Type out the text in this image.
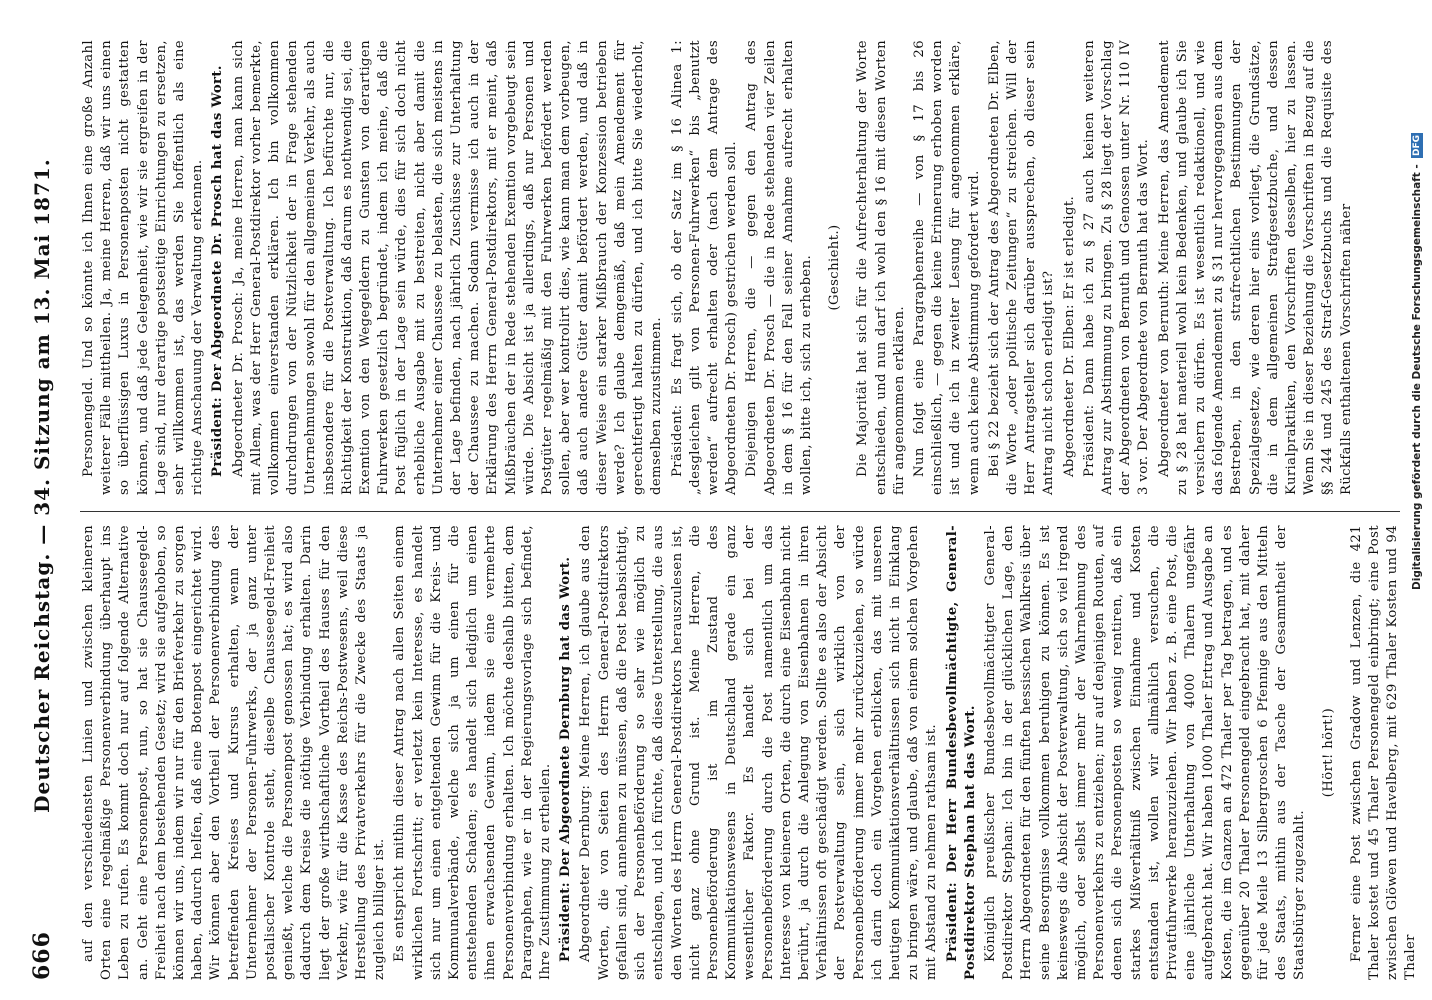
666
Deutscher Reichstag. — 34. Sitzung am 13. Mai 1871. auf den verschiedensten Linien und zwischen kleineren Orten eine regelmäßige Personenverbindung überhaupt ins Leben zu rufen. Es kommt doch nur auf folgende Alternative an. Geht eine Personenpost, nun, so hat sie Chausseegeld-Freiheit nach dem bestehenden Gesetz; wird sie aufgehoben, so können wir uns, indem wir nur für den Briefverkehr zu sorgen haben, dadurch helfen, daß eine Botenpost eingerichtet wird. Wir können aber den Vortheil der Personenverbindung des betreffenden Kreises und Kursus erhalten, wenn der Unternehmer der Personen-Fuhrwerks, der ja ganz unter postalischer Kontrole steht, dieselbe Chausseegeld-Freiheit genießt, welche die Personenpost genossen hat; es wird also dadurch dem Kreise die nöthige Verbindung erhalten. Darin liegt der große wirthschaftliche Vortheil des Hauses für den Verkehr, wie für die Kasse des Reichs-Postwesens, weil diese Herstellung des Privatverkehrs für die Zwecke des Staats ja zugleich billiger ist. Es entspricht mithin dieser Antrag nach allen Seiten einem wirklichen Fortschritt; er verletzt kein Interesse, es handelt sich nur um einen entgeltenden Gewinn für die Kreis- und Kommunalverbände, welche sich ja um einen für die entstehenden Schaden; es handelt sich lediglich um einen ihnen erwachsenden Gewinn, indem sie eine vermehrte Personenverbindung erhalten. Ich möchte deshalb bitten, dem Paragraphen, wie er in der Regierungsvorlage sich befindet, Ihre Zustimmung zu ertheilen. Präsident: Der Abgeordnete Dernburg hat das Wort. Abgeordneter Dernburg: Meine Herren, ich glaube aus den Worten, die von Seiten des Herrn General-Postdirektors gefallen sind, annehmen zu müssen, daß die Post beabsichtigt, sich der Personenbeförderung so sehr wie möglich zu entschlagen, und ich fürchte, daß diese Unterstellung, die aus den Worten des Herrn General-Postdirektors herauszulesen ist, nicht ganz ohne Grund ist. Meine Herren, die Personenbeförderung ist im Zustand des Kommunikationswesens in Deutschland gerade ein ganz wesentlicher Faktor. Es handelt sich bei der Personenbeförderung durch die Post namentlich um das Interesse von kleineren Orten, die durch eine Eisenbahn nicht berührt, ja durch die Anlegung von Eisenbahnen in ihren Verhältnissen oft geschädigt werden. Sollte es also der Absicht der Postverwaltung sein, sich wirklich von der Personenbeförderung immer mehr zurückzuziehen, so würde ich darin doch ein Vorgehen erblicken, das mit unseren heutigen Kommunikationsverhältnissen sich nicht in Einklang zu bringen wäre, und glaube, daß von einem solchen Vorgehen mit Abstand zu nehmen rathsam ist. Präsident: Der Herr Bundesbevollmächtigte, General-Postdirektor Stephan hat das Wort. Königlich preußischer Bundesbevollmächtigter General-Postdirektor Stephan: Ich bin in der glücklichen Lage, den Herrn Abgeordneten für den fünften hessischen Wahlkreis über seine Besorgnisse vollkommen beruhigen zu können. Es ist keineswegs die Absicht der Postverwaltung, sich so viel irgend möglich, oder selbst immer mehr der Wahrnehmung des Personenverkehrs zu entziehen; nur auf denjenigen Routen, auf denen sich die Personenposten so wenig rentiren, daß ein starkes Mißverhältniß zwischen Einnahme und Kosten entstanden ist, wollen wir allmählich versuchen, die Privatfuhrwerke heranzuziehen. Wir haben z. B. eine Post, die eine jährliche Unterhaltung von 4000 Thalern ungefähr aufgebracht hat. Wir haben 1000 Thaler Ertrag und Ausgabe an Kosten, die im Ganzen an 472 Thaler per Tag betragen, und es gegenüber 20 Thaler Personengeld eingebracht hat, mit daher für jede Meile 13 Silbergroschen 6 Pfennige aus den Mitteln des Staats, mithin aus der Tasche der Gesammtheit der Staatsbürger zugezahlt.

(Hört! hört!) Ferner eine Post zwischen Gradow und Lenzen, die 421 Thaler kostet und 45 Thaler Personengeld einbringt; eine Post zwischen Glöwen und Havelberg, mit 629 Thaler Kosten und 94 Thaler

Personengeld. Und so könnte ich Ihnen eine große Anzahl weiterer Fälle mittheilen. Ja, meine Herren, daß wir uns einen so überflüssigen Luxus in Personenposten nicht gestatten können, und daß jede Gelegenheit, wie wir sie ergreifen in der Lage sind, nur derartige postseitige Einrichtungen zu ersetzen, sehr willkommen ist, das werden Sie hoffentlich als eine richtige Anschauung der Verwaltung erkennen. Präsident: Der Abgeordnete Dr. Prosch hat das Wort. Abgeordneter Dr. Prosch: Ja, meine Herren, man kann sich mit Allem, was der Herr General-Postdirektor vorher bemerkte, vollkommen einverstanden erklären. Ich bin vollkommen durchdrungen von der Nützlichkeit der in Frage stehenden Unternehmungen sowohl für den allgemeinen Verkehr, als auch insbesondere für die Postverwaltung. Ich befürchte nur, die Richtigkeit der Konstruktion, daß darum es nothwendig sei, die Exemtion von den Wegegeldern zu Gunsten von derartigen Fuhrwerken gesetzlich begründet, indem ich meine, daß die Post füglich in der Lage sein würde, dies für sich doch nicht erhebliche Ausgabe mit zu bestreiten, nicht aber damit die Unternehmer einer Chaussee zu belasten, die sich meistens in der Lage befinden, nach jährlich Zuschüsse zur Unterhaltung der Chaussee zu machen. Sodann vermisse ich auch in der Erklärung des Herrn General-Postdirektors, mit er meint, daß Mißbräuchen der in Rede stehenden Exemtion vorgebeugt sein würde. Die Absicht ist ja allerdings, daß nur Personen und Postgüter regelmäßig mit den Fuhrwerken befördert werden sollen, aber wer kontrolirt dies, wie kann man dem vorbeugen, daß auch andere Güter damit befördert werden, und daß in dieser Weise ein starker Mißbrauch der Konzession betrieben werde? Ich glaube demgemäß, daß mein Amendement für gerechtfertigt halten zu dürfen, und ich bitte Sie wiederholt, demselben zuzustimmen. Präsident: Es fragt sich, ob der Satz im § 16 Alinea 1: „desgleichen gilt von Personen-Fuhrwerken“ bis „benutzt werden“ aufrecht erhalten oder (nach dem Antrage des Abgeordneten Dr. Prosch) gestrichen werden soll. Diejenigen Herren, die — gegen den Antrag des Abgeordneten Dr. Prosch — die in Rede stehenden vier Zeilen in dem § 16 für den Fall seiner Annahme aufrecht erhalten wollen, bitte ich, sich zu erheben. (Geschieht.) Die Majorität hat sich für die Aufrechterhaltung der Worte entschieden, und nun darf ich wohl den § 16 mit diesen Worten für angenommen erklären. Nun folgt eine Paragraphenreihe — von § 17 bis 26 einschließlich, — gegen die keine Erinnerung erhoben worden ist und die ich in zweiter Lesung für angenommen erkläre, wenn auch keine Abstimmung gefordert wird. Bei § 22 bezieht sich der Antrag des Abgeordneten Dr. Elben, die Worte „oder politische Zeitungen“ zu streichen. Will der Herr Antragsteller sich darüber aussprechen, ob dieser sein Antrag nicht schon erledigt ist? Abgeordneter Dr. Elben: Er ist erledigt. Präsident: Dann habe ich zu § 27 auch keinen weiteren Antrag zur Abstimmung zu bringen. Zu § 28 liegt der Vorschlag der Abgeordneten von Bernuth und Genossen unter Nr. 110 IV 3 vor. Der Abgeordnete von Bernuth hat das Wort. Abgeordneter von Bernuth: Meine Herren, das Amendement zu § 28 hat materiell wohl kein Bedenken, und glaube ich Sie versichern zu dürfen. Es ist wesentlich redaktionell, und wie das folgende Amendement zu § 31 nur hervorgegangen aus dem Bestreben, in den strafrechtlichen Bestimmungen der Spezialgesetze, wie deren hier eins vorliegt, die Grundsätze, die in dem allgemeinen Strafgesetzbuche, und dessen Kurialpraktiken, den Vorschriften desselben, hier zu lassen. Wenn Sie in dieser Beziehung die Vorschriften in Bezug auf die §§ 244 und 245 des Straf-Gesetzbuchs und die Requisite des Rückfalls enthaltenen Vorschriften näher	Digitalisierung gefördert durch die Deutsche Forschungsgemeinschaft -
DFG
